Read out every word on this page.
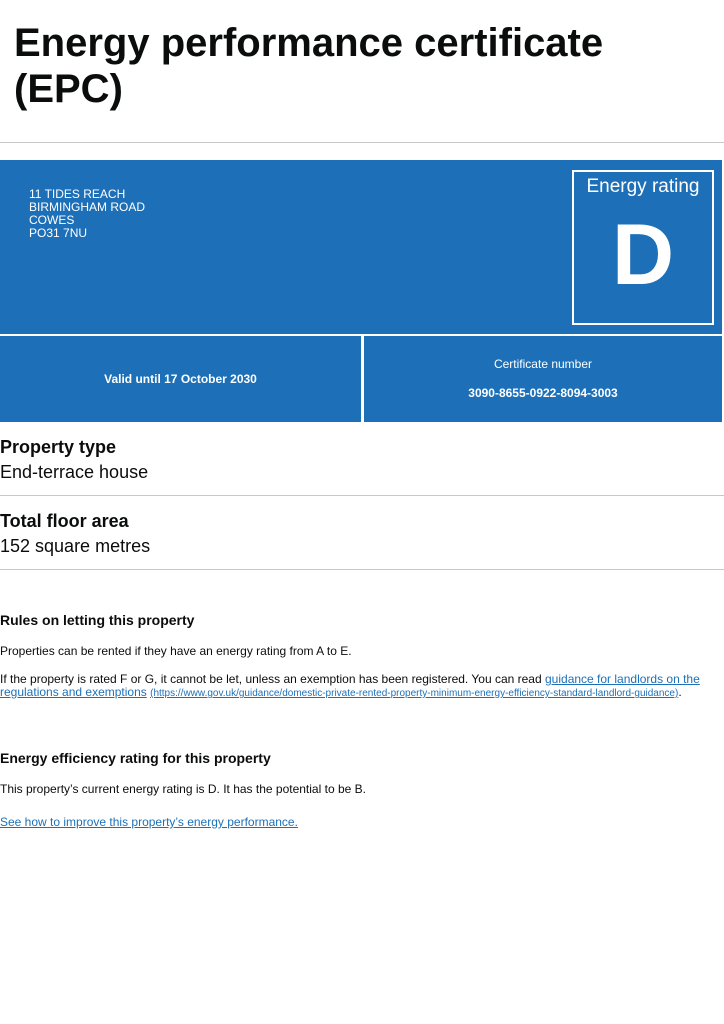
Energy performance certificate (EPC)
11 TIDES REACH
BIRMINGHAM ROAD
COWES
PO31 7NU
Energy rating
D
Valid until 17 October 2030
Certificate number
3090-8655-0922-8094-3003
Property type
End-terrace house
Total floor area
152 square metres
Rules on letting this property
Properties can be rented if they have an energy rating from A to E.
If the property is rated F or G, it cannot be let, unless an exemption has been registered. You can read guidance for landlords on the regulations and exemptions (https://www.gov.uk/guidance/domestic-private-rented-property-minimum-energy-efficiency-standard-landlord-guidance).
Energy efficiency rating for this property
This property’s current energy rating is D. It has the potential to be B.
See how to improve this property’s energy performance.
